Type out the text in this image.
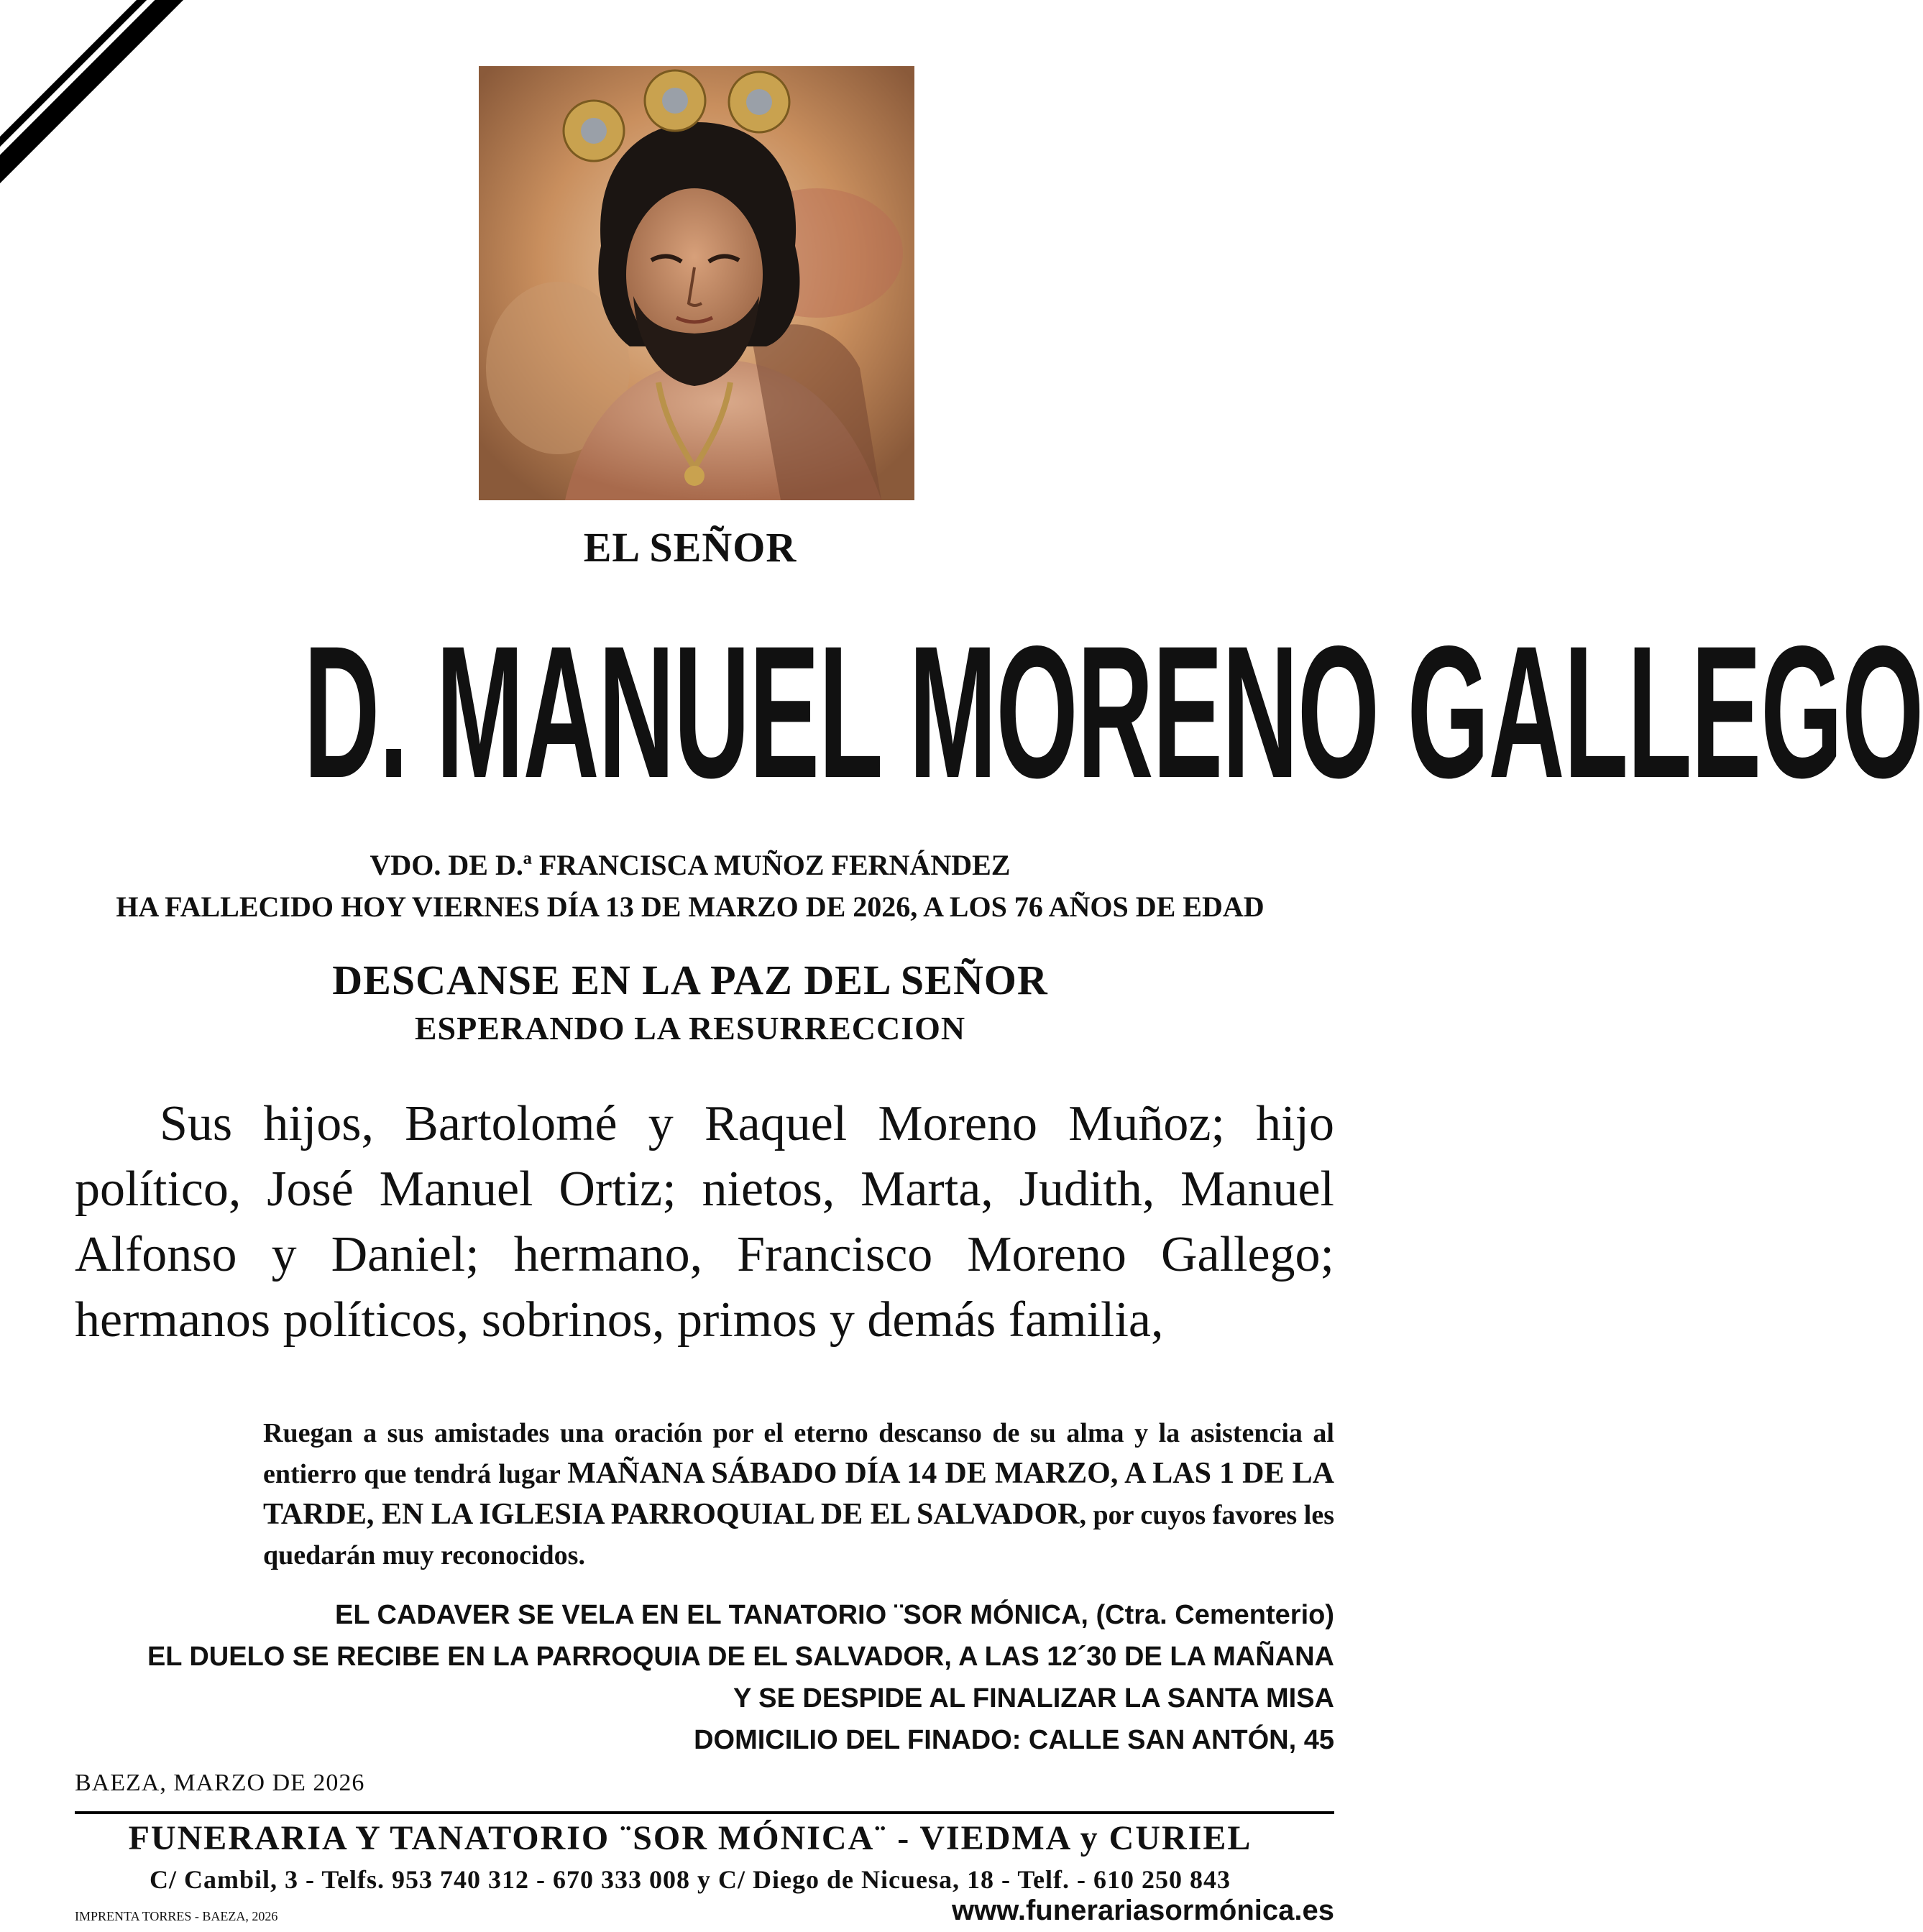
EL SEÑOR
D. MANUEL MORENO GALLEGO
VDO. DE D.ª FRANCISCA MUÑOZ FERNÁNDEZ
HA FALLECIDO HOY VIERNES DÍA 13 DE MARZO DE 2026, A LOS 76 AÑOS DE EDAD
DESCANSE EN LA PAZ DEL SEÑOR
ESPERANDO LA RESURRECCION
Sus hijos, Bartolomé y Raquel Moreno Muñoz; hijo político, José Manuel Ortiz; nietos, Marta, Judith, Manuel Alfonso y Daniel; hermano, Francisco Moreno Gallego; hermanos políticos, sobrinos, primos y demás familia,
Ruegan a sus amistades una oración por el eterno descanso de su alma y la asistencia al entierro que tendrá lugar MAÑANA SÁBADO DÍA 14 DE MARZO, A LAS 1 DE LA TARDE, EN LA IGLESIA PARROQUIAL DE EL SALVADOR, por cuyos favores les quedarán muy reconocidos.
EL CADAVER SE VELA EN EL TANATORIO ¨SOR MÓNICA, (Ctra. Cementerio)
EL DUELO SE RECIBE EN LA PARROQUIA DE EL SALVADOR, A LAS 12´30 DE LA MAÑANA
Y SE DESPIDE AL FINALIZAR LA SANTA MISA
DOMICILIO DEL FINADO: CALLE SAN ANTÓN, 45
BAEZA, MARZO DE 2026
FUNERARIA Y TANATORIO ¨SOR MÓNICA¨ - VIEDMA y CURIEL
C/ Cambil, 3 - Telfs. 953 740 312 - 670 333 008 y C/ Diego de Nicuesa, 18 - Telf. - 610 250 843
IMPRENTA TORRES - BAEZA, 2026	www.funerariasormónica.es
